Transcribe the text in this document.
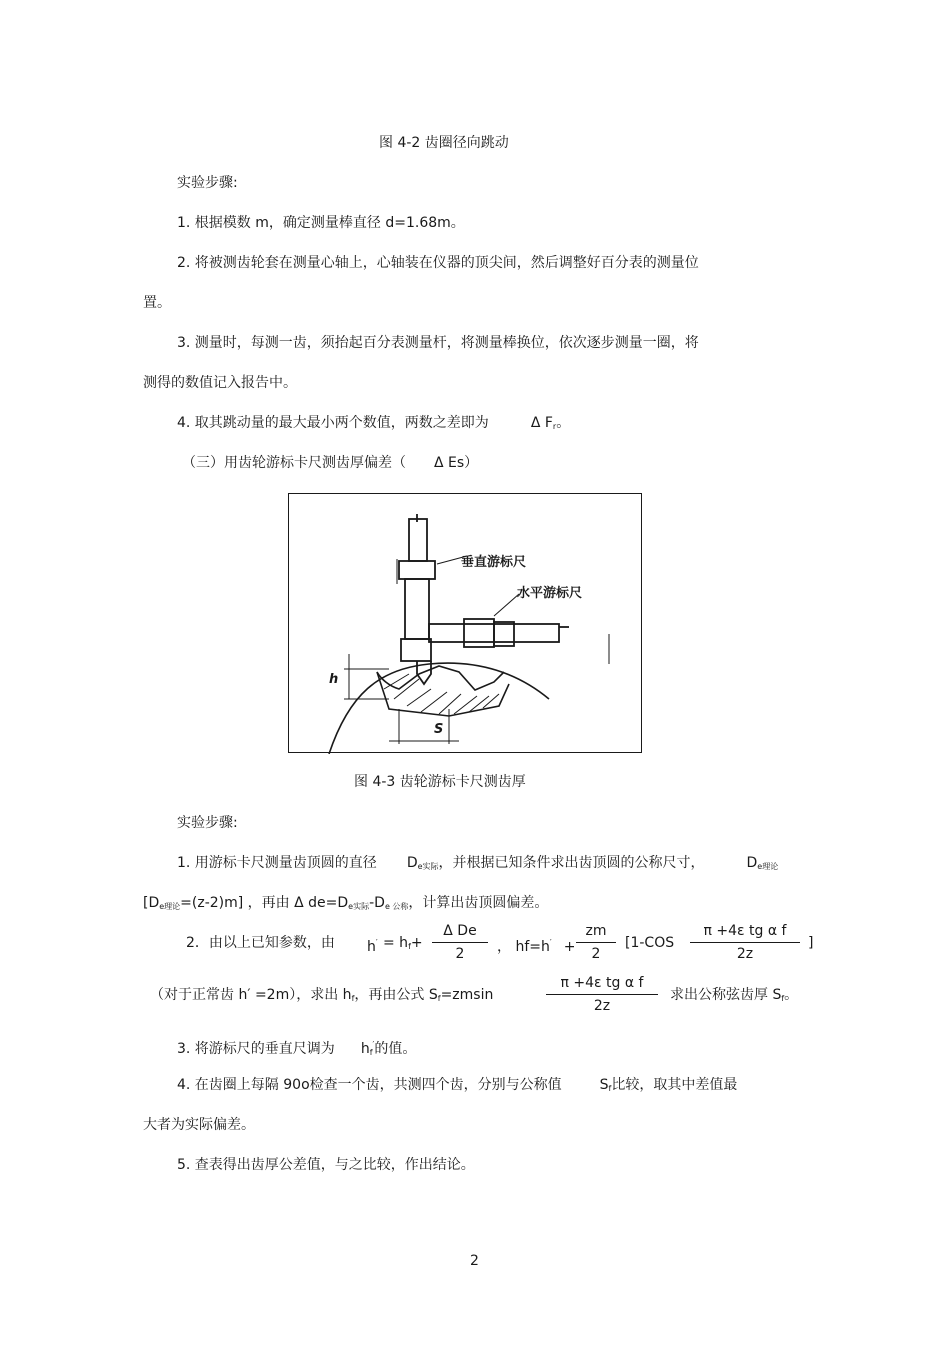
图 4-2 齿圈径向跳动
实验步骤:
1. 根据模数 m，确定测量棒直径 d=1.68m。
2. 将被测齿轮套在测量心轴上，心轴装在仪器的顶尖间，然后调整好百分表的测量位
置。
3. 测量时，每测一齿，须抬起百分表测量杆，将测量棒换位，依次逐步测量一圈，将
测得的数值记入报告中。
4. 取其跳动量的最大最小两个数值，两数之差即为	Δ $F_r$。
（三）用齿轮游标卡尺测齿厚偏差（ Δ Es）
垂直游标尺
水平游标尺
h
S
图 4-3 齿轮游标卡尺测齿厚
实验步骤:
1. 用游标卡尺测量齿顶圆的直径 $D_{e实际}$，并根据已知条件求出齿顶圆的公称尺寸，	$D_{e理论}$
$[D_{e理论}=(z-2)m]$ ，再由 Δ $de=D_{e实际}-D_{e 公称}$，计算出齿顶圆偏差。
2．由以上已知参数，由 $h' = h_f+$
Δ De
2	， hf=h′ +
zm
2
[1-COS
π +4ε tg α f
2z
]
（对于正常齿 h′ =2m），求出 $h_f$，再由公式 $S_f=zmsin$
π +4ε tg α f
2z
求出公称弦齿厚 $S_f$。
3. 将游标尺的垂直尺调为 $h_f'$的值。
4. 在齿圈上每隔 90o检查一个齿，共测四个齿，分别与公称值	$S_f$比较，取其中差值最
大者为实际偏差。
5. 查表得出齿厚公差值，与之比较，作出结论。
2
